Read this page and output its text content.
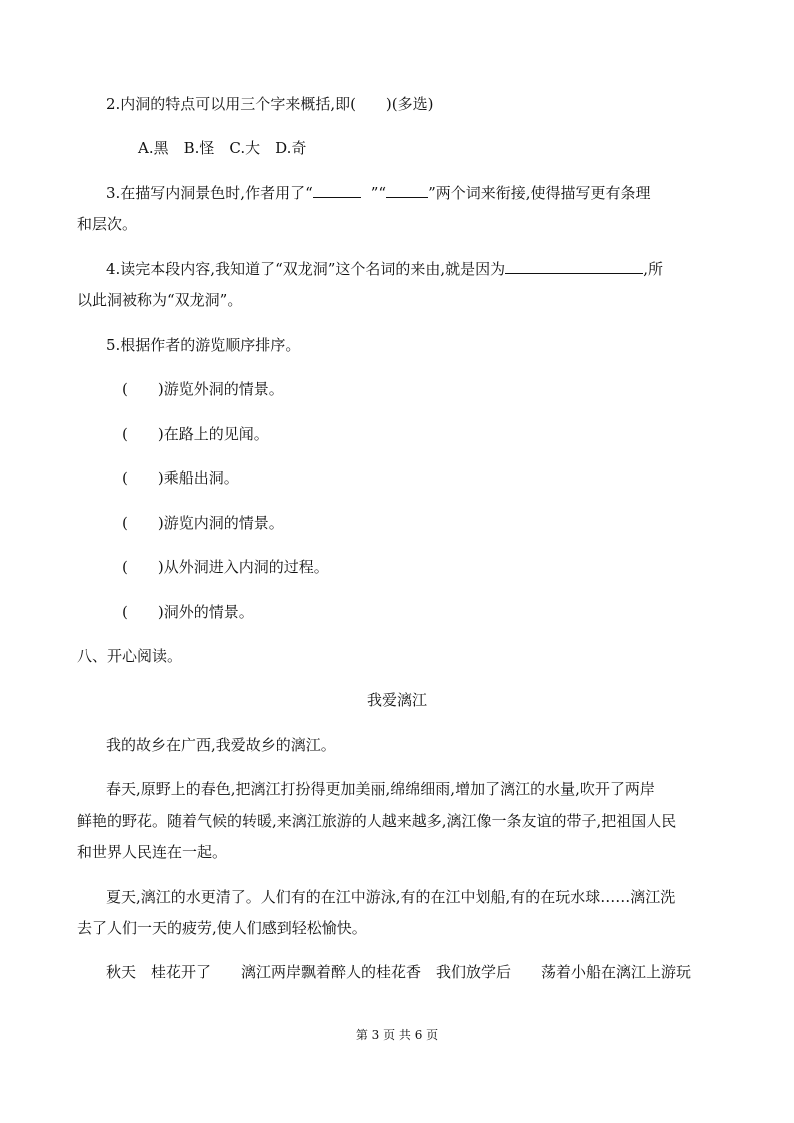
2.内洞的特点可以用三个字来概括,即(　　)(多选)
A.黑　B.怪　C.大　D.奇
3.在描写内洞景色时,作者用了“	”“	”两个词来衔接,使得描写更有条理
和层次。
4.读完本段内容,我知道了“双龙洞”这个名词的来由,就是因为	,所
以此洞被称为“双龙洞”。
5.根据作者的游览顺序排序。
(　　)游览外洞的情景。
(　　)在路上的见闻。
(　　)乘船出洞。
(　　)游览内洞的情景。
(　　)从外洞进入内洞的过程。
(　　)洞外的情景。
八、开心阅读。
我爱漓江
我的故乡在广西,我爱故乡的漓江。
春天,原野上的春色,把漓江打扮得更加美丽,绵绵细雨,增加了漓江的水量,吹开了两岸
鲜艳的野花。随着气候的转暖,来漓江旅游的人越来越多,漓江像一条友谊的带子,把祖国人民
和世界人民连在一起。
夏天,漓江的水更清了。人们有的在江中游泳,有的在江中划船,有的在玩水球……漓江洗
去了人们一天的疲劳,使人们感到轻松愉快。
秋天　桂花开了　　漓江两岸飘着醉人的桂花香　我们放学后　　荡着小船在漓江上游玩
第 3 页 共 6 页
